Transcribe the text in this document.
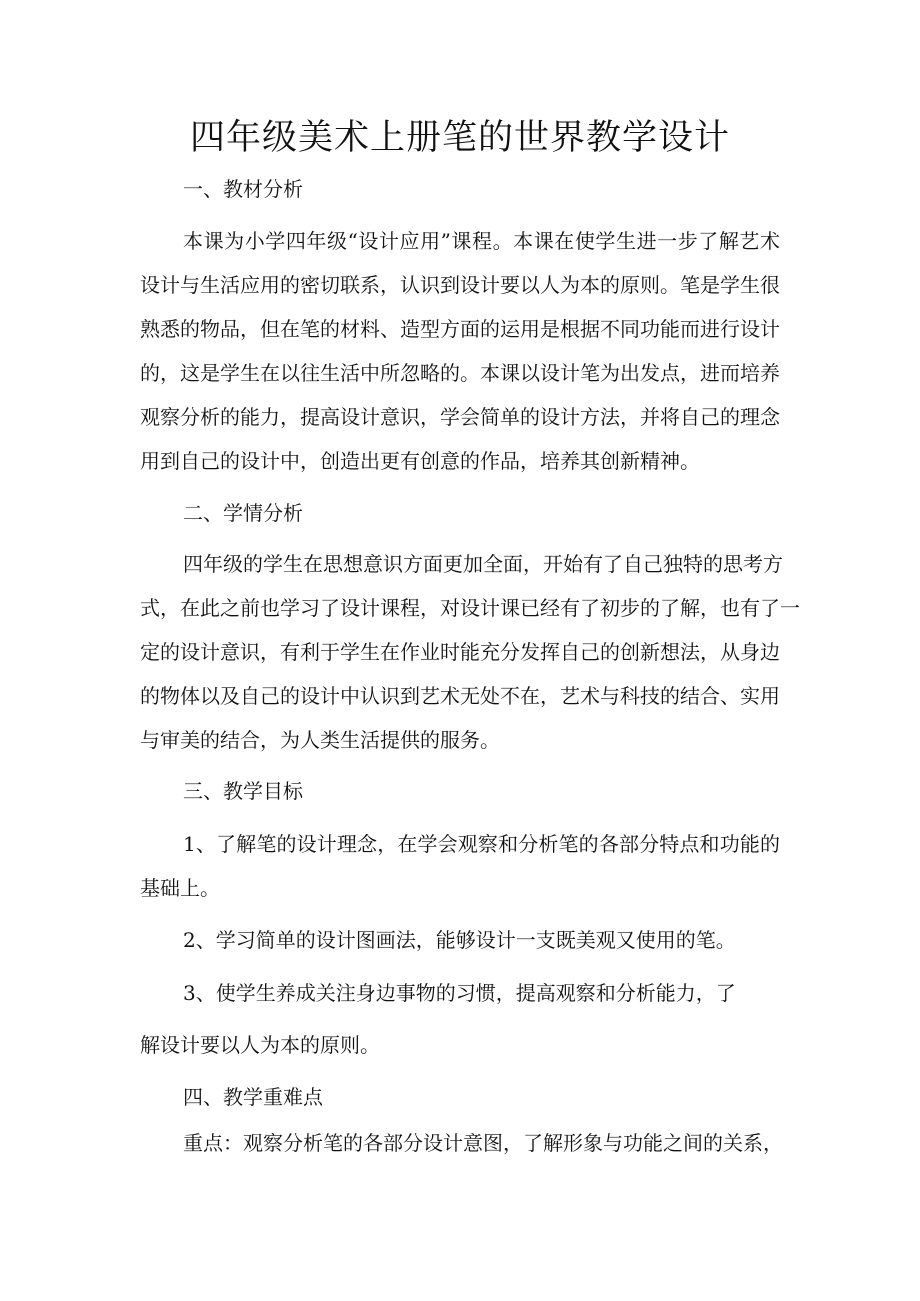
四年级美术上册笔的世界教学设计

一、教材分析

本课为小学四年级“设计应用”课程。本课在使学生进一步了解艺术

设计与生活应用的密切联系，认识到设计要以人为本的原则。笔是学生很

熟悉的物品，但在笔的材料、造型方面的运用是根据不同功能而进行设计

的，这是学生在以往生活中所忽略的。本课以设计笔为出发点，进而培养

观察分析的能力，提高设计意识，学会简单的设计方法，并将自己的理念

用到自己的设计中，创造出更有创意的作品，培养其创新精神。

二、学情分析

四年级的学生在思想意识方面更加全面，开始有了自己独特的思考方

式，在此之前也学习了设计课程，对设计课已经有了初步的了解，也有了一

定的设计意识，有利于学生在作业时能充分发挥自己的创新想法，从身边

的物体以及自己的设计中认识到艺术无处不在，艺术与科技的结合、实用

与审美的结合，为人类生活提供的服务。

三、教学目标

1、了解笔的设计理念，在学会观察和分析笔的各部分特点和功能的

基础上。

2、学习简单的设计图画法，能够设计一支既美观又使用的笔。

3、使学生养成关注身边事物的习惯，提高观察和分析能力，了

解设计要以人为本的原则。

四、教学重难点

重点：观察分析笔的各部分设计意图，了解形象与功能之间的关系，
